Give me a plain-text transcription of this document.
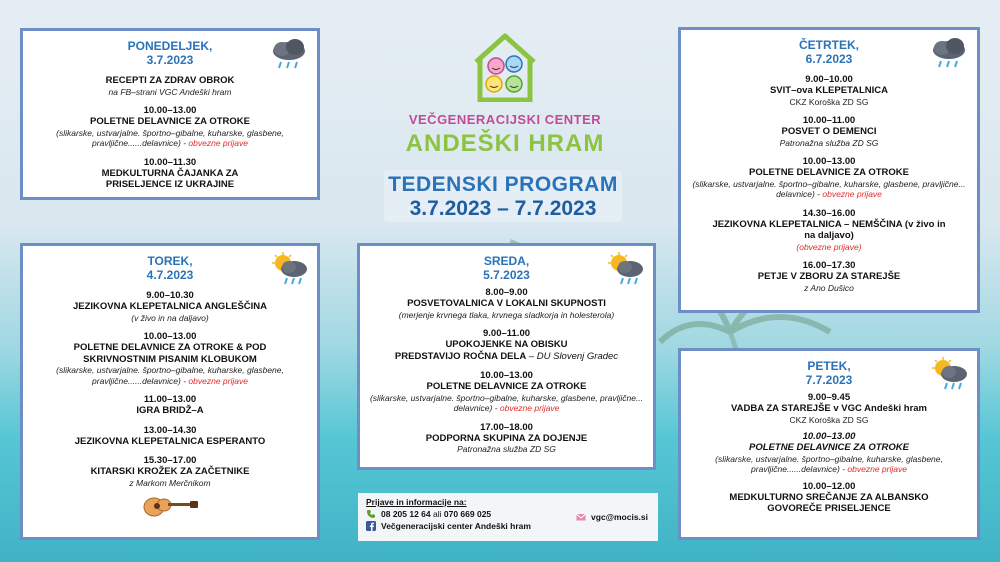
VEČGENERACIJSKI CENTER
ANDEŠKI HRAM
TEDENSKI PROGRAM
3.7.2023 – 7.7.2023
PONEDELJEK,
3.7.2023
RECEPTI ZA ZDRAV OBROK
na FB–strani VGC Andeški hram
10.00–13.00
POLETNE DELAVNICE ZA OTROKE
(slikarske, ustvarjalne. športno–gibalne, kuharske, glasbene, pravljične......delavnice) - obvezne prijave
10.00–11.30
MEDKULTURNA ČAJANKA ZA PRISELJENCE IZ UKRAJINE
TOREK,
4.7.2023
9.00–10.30
JEZIKOVNA KLEPETALNICA ANGLEŠČINA
(v živo in na daljavo)
10.00–13.00
POLETNE DELAVNICE ZA OTROKE & POD SKRIVNOSTNIM PISANIM KLOBUKOM
(slikarske, ustvarjalne. športno–gibalne, kuharske, glasbene, pravljične......delavnice) - obvezne prijave
11.00–13.00
IGRA BRIDŽ–A
13.00–14.30
JEZIKOVNA KLEPETALNICA ESPERANTO
15.30–17.00
KITARSKI KROŽEK ZA ZAČETNIKE
z Markom Merčnikom
SREDA,
5.7.2023
8.00–9.00
POSVETOVALNICA V LOKALNI SKUPNOSTI
(merjenje krvnega tlaka, krvnega sladkorja in holesterola)
9.00–11.00
UPOKOJENKE NA OBISKU
PREDSTAVIJO ROČNA DELA – DU Slovenj Gradec
10.00–13.00
POLETNE DELAVNICE ZA OTROKE
(slikarske, ustvarjalne. športno–gibalne, kuharske, glasbene, pravljične... delavnice) - obvezne prijave
17.00–18.00
PODPORNA SKUPINA ZA DOJENJE
Patronažna služba ZD SG
ČETRTEK,
6.7.2023
9.00–10.00
SVIT–ova KLEPETALNICA
CKZ Koroška ZD SG
10.00–11.00
POSVET O DEMENCI
Patronažna služba ZD SG
10.00–13.00
POLETNE DELAVNICE ZA OTROKE
(slikarske, ustvarjalne. športno–gibalne, kuharske, glasbene, pravljične... delavnice) - obvezne prijave
14.30–16.00
JEZIKOVNA KLEPETALNICA – NEMŠČINA (v živo in na daljavo)
(obvezne prijave)
16.00–17.30
PETJE V ZBORU ZA STAREJŠE
z Ano Dušico
PETEK,
7.7.2023
9.00–9.45
VADBA ZA STAREJŠE v VGC Andeški hram
CKZ Koroška ZD SG
10.00–13.00
POLETNE DELAVNICE ZA OTROKE
(slikarske, ustvarjalne. športno–gibalne, kuharske, glasbene, pravljične......delavnice) - obvezne prijave
10.00–12.00
MEDKULTURNO SREČANJE ZA ALBANSKO GOVOREČE PRISELJENCE
Prijave in informacije na:
08 205 12 64 ali 070 669 025
Večgeneracijski center Andeški hram
vgc@mocis.si
